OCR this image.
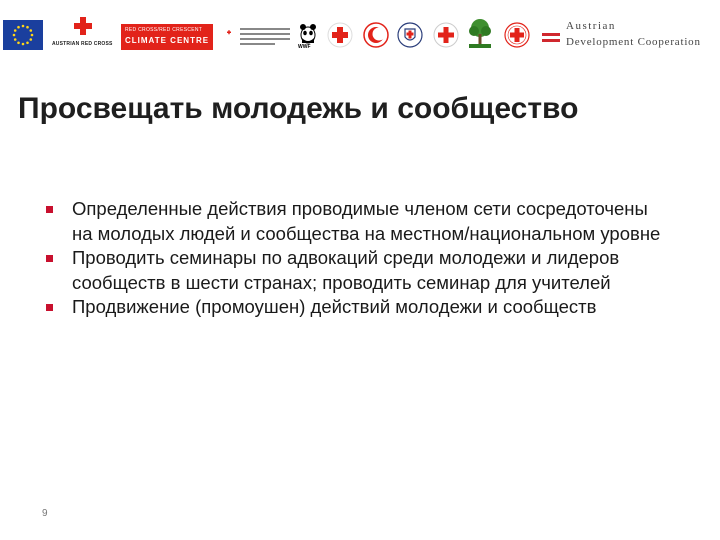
AUSTRIAN RED CROSS
RED CROSS/RED CRESCENT
CLIMATE CENTRE
WWF
Austrian
Development Cooperation
Просвещать молодежь и сообщество
Определенные действия проводимые членом сети сосредоточены на молодых людей и сообщества на местном/национальном уровне
Проводить семинары по адвокаций среди молодежи и лидеров сообществ в шести странах; проводить семинар для учителей
Продвижение (промоушен) действий молодежи и сообществ
9
